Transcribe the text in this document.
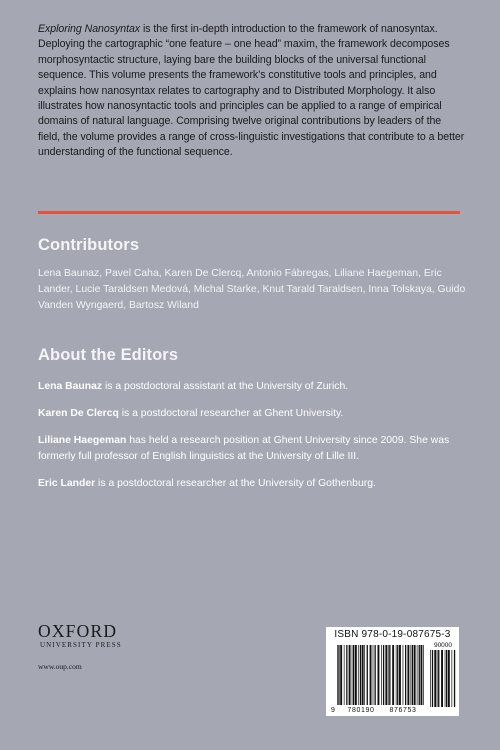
Exploring Nanosyntax is the first in-depth introduction to the framework of nanosyntax. Deploying the cartographic “one feature – one head” maxim, the framework decomposes morphosyntactic structure, laying bare the building blocks of the universal functional sequence. This volume presents the framework’s constitutive tools and principles, and explains how nanosyntax relates to cartography and to Distributed Morphology. It also illustrates how nanosyntactic tools and principles can be applied to a range of empirical domains of natural language. Comprising twelve original contributions by leaders of the field, the volume provides a range of cross-linguistic investigations that contribute to a better understanding of the functional sequence.
Contributors
Lena Baunaz, Pavel Caha, Karen De Clercq, Antonio Fábregas, Liliane Haegeman, Eric Lander, Lucie Taraldsen Medová, Michal Starke, Knut Tarald Taraldsen, Inna Tolskaya, Guido Vanden Wyngaerd, Bartosz Wiland
About the Editors
Lena Baunaz is a postdoctoral assistant at the University of Zurich.
Karen De Clercq is a postdoctoral researcher at Ghent University.
Liliane Haegeman has held a research position at Ghent University since 2009. She was formerly full professor of English linguistics at the University of Lille III.
Eric Lander is a postdoctoral researcher at the University of Gothenburg.
OXFORD
UNIVERSITY PRESS
www.oup.com
ISBN 978-0-19-087675-3
90000
9 780190 876753
